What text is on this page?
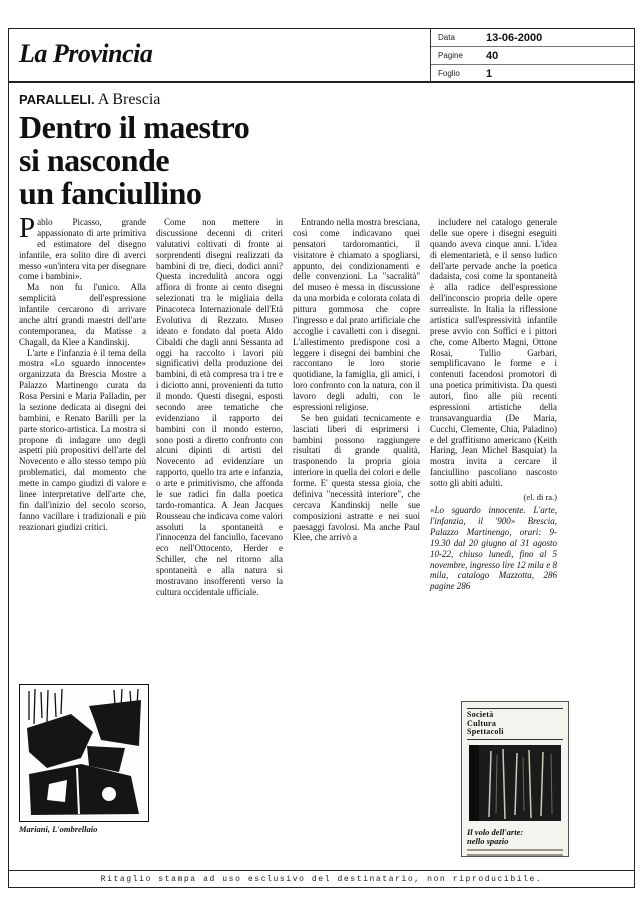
La Provincia
Data	13-06-2000
Pagine	40
Foglio	1
PARALLELI. A Brescia
Dentro il maestro
si nasconde
un fanciullino

Pablo Picasso, grande appassionato di arte primitiva ed estimatore del disegno infantile, era solito dire di averci messo «un'intera vita per disegnare come i bambini».

Ma non fu l'unico. Alla semplicità dell'espressione infantile cercarono di arrivare anche altri grandi maestri dell'arte contemporanea, da Matisse a Chagall, da Klee a Kandinskij.

L'arte e l'infanzia è il tema della mostra «Lo sguardo innocente» organizzata da Brescia Mostre a Palazzo Martinengo curata da Rosa Persini e Maria Palladin, per la sezione dedicata ai disegni dei bambini, e Renato Barilli per la parte storico-artistica. La mostra si propone di indagare uno degli aspetti più propositivi dell'arte del Novecento e allo stesso tempo più problematici, dal momento che mette in campo giudizi di valore e linee interpretative dell'arte che, fin dall'inizio del secolo scorso, fanno vacillare i tradizionali e più reazionari giudizi critici.

Come non mettere in discussione decenni di criteri valutativi coltivati di fronte ai sorprendenti disegni realizzati da bambini di tre, dieci, dodici anni? Questa incredulità ancora oggi affiora di fronte ai cento disegni selezionati tra le migliaia della Pinacoteca Internazionale dell'Età Evolutiva di Rezzato. Museo ideato e fondato dal poeta Aldo Cibaldi che dagli anni Sessanta ad oggi ha raccolto i lavori più significativi della produzione dei bambini, di età compresa tra i tre e i diciotto anni, provenienti da tutto il mondo. Questi disegni, esposti secondo aree tematiche che evidenziano il rapporto dei bambini con il mondo esterno, sono posti a diretto confronto con alcuni dipinti di artisti del Novecento ad evidenziare un rapporto, quello tra arte e infanzia, o arte e primitivismo, che affonda le sue radici fin dalla poetica tardo-romantica. A Jean Jacques Rousseau che indicava come valori assoluti la spontaneità e l'innocenza del fanciullo, facevano eco nell'Ottocento, Herder e Schiller, che nel ritorno alla spontaneità e alla natura si mostravano insofferenti verso la cultura occidentale ufficiale.

Entrando nella mostra bresciana, così come indicavano quei pensatori tardoromantici, il visitatore è chiamato a spogliarsi, appunto, dei condizionamenti e delle convenzioni. La "sacralità" del museo è messa in discussione da una morbida e colorata colata di pittura gommosa che copre l'ingresso e dal prato artificiale che accoglie i cavalletti con i disegni. L'allestimento predispone così a leggere i disegni dei bambini che raccontano le loro storie quotidiane, la famiglia, gli amici, i loro confronto con la natura, con il lavoro degli adulti, con le espressioni religiose.

Se ben guidati tecnicamente e lasciati liberi di esprimersi i bambini possono raggiungere risultati di grande qualità, trasponendo la propria gioia interiore in quella dei colori e delle forme. E' questa stessa gioia, che definiva "necessità interiore", che cercava Kandinskij nelle sue composizioni astratte e nei suoi paesaggi favolosi. Ma anche Paul Klee, che arrivò a

includere nel catalogo generale delle sue opere i disegni eseguiti quando aveva cinque anni. L'idea di elementarietà, e il senso ludico dell'arte pervade anche la poetica dadaista, così come la spontaneità è alla radice dell'espressione dell'inconscio propria delle opere surrealiste. In Italia la riflessione artistica sull'espressività infantile prese avvio con Soffici e i pittori che, come Alberto Magni, Ottone Rosai, Tullio Garbari, semplificavano le forme e i contenuti facendosi promotori di una poetica primitivista. Da questi autori, fino alle più recenti espressioni artistiche della transavanguardia (De Maria, Cucchi, Clemente, Chia, Paladino) e del graffitismo americano (Keith Haring, Jean Michel Basquiat) la mostra invita a cercare il fanciullino pascoliano nascosto sotto gli abiti adulti.

(el. di ra.)

«Lo sguardo innocente. L'arte, l'infanzia, il '900» Brescia, Palazzo Martinengo, orari: 9-19.30 dal 20 giugno al 31 agosto 10-22, chiuso lunedì, fino al 5 novembre, ingresso lire 12 mila e 8 mila, catalogo Mazzotta, 286 pagine 286

Mariani, L'ombrellaio
Società
Cultura
Spettacoli
Il volo dell'arte:
nello spazio
Ritaglio stampa ad uso esclusivo del destinatario, non riproducibile.
